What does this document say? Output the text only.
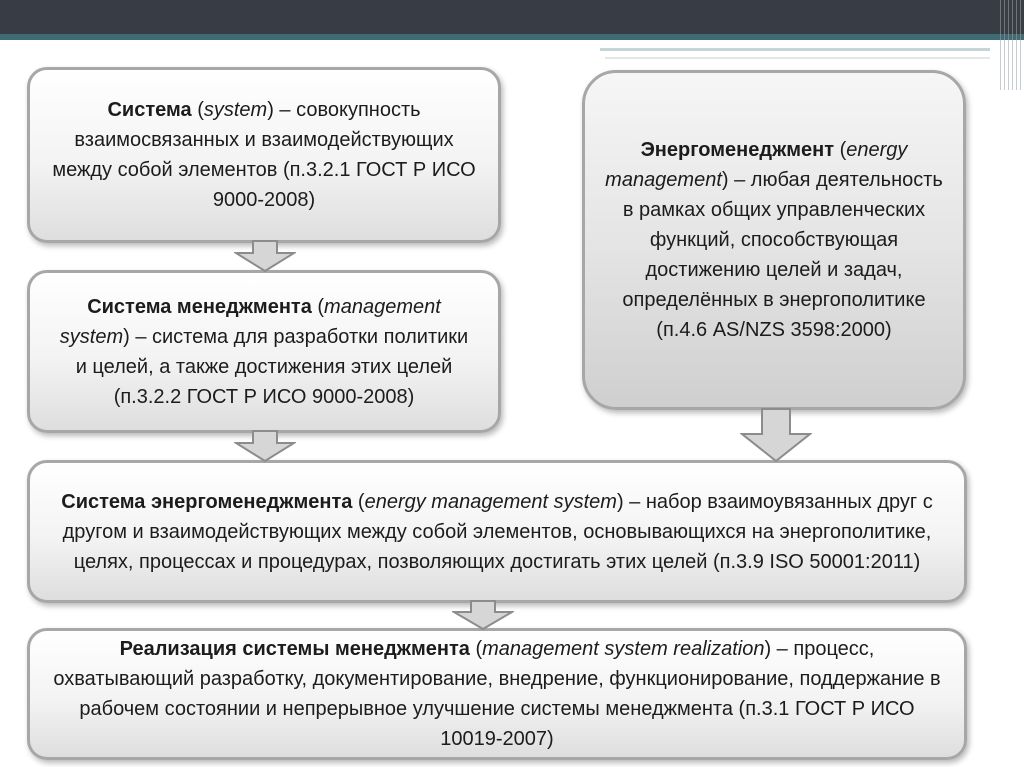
Система (system) – совокупность взаимосвязанных и взаимодействующих между собой элементов (п.3.2.1 ГОСТ Р ИСО 9000-2008)
Система менеджмента (management system) – система для разработки политики и целей, а также достижения этих целей (п.3.2.2 ГОСТ Р ИСО 9000-2008)
Энергоменеджмент (energy management) – любая деятельность в рамках общих управленческих функций, способствующая достижению целей и задач, определённых в энергополитике (п.4.6 AS/NZS 3598:2000)
Система энергоменеджмента (energy management system) – набор взаимоувязанных друг с другом и взаимодействующих между собой элементов, основывающихся на энергополитике, целях, процессах и процедурах, позволяющих достигать этих целей (п.3.9 ISO 50001:2011)
Реализация системы менеджмента (management system realization) – процесс, охватывающий разработку, документирование, внедрение, функционирование, поддержание в рабочем состоянии и непрерывное улучшение системы менеджмента (п.3.1 ГОСТ Р ИСО 10019-2007)
